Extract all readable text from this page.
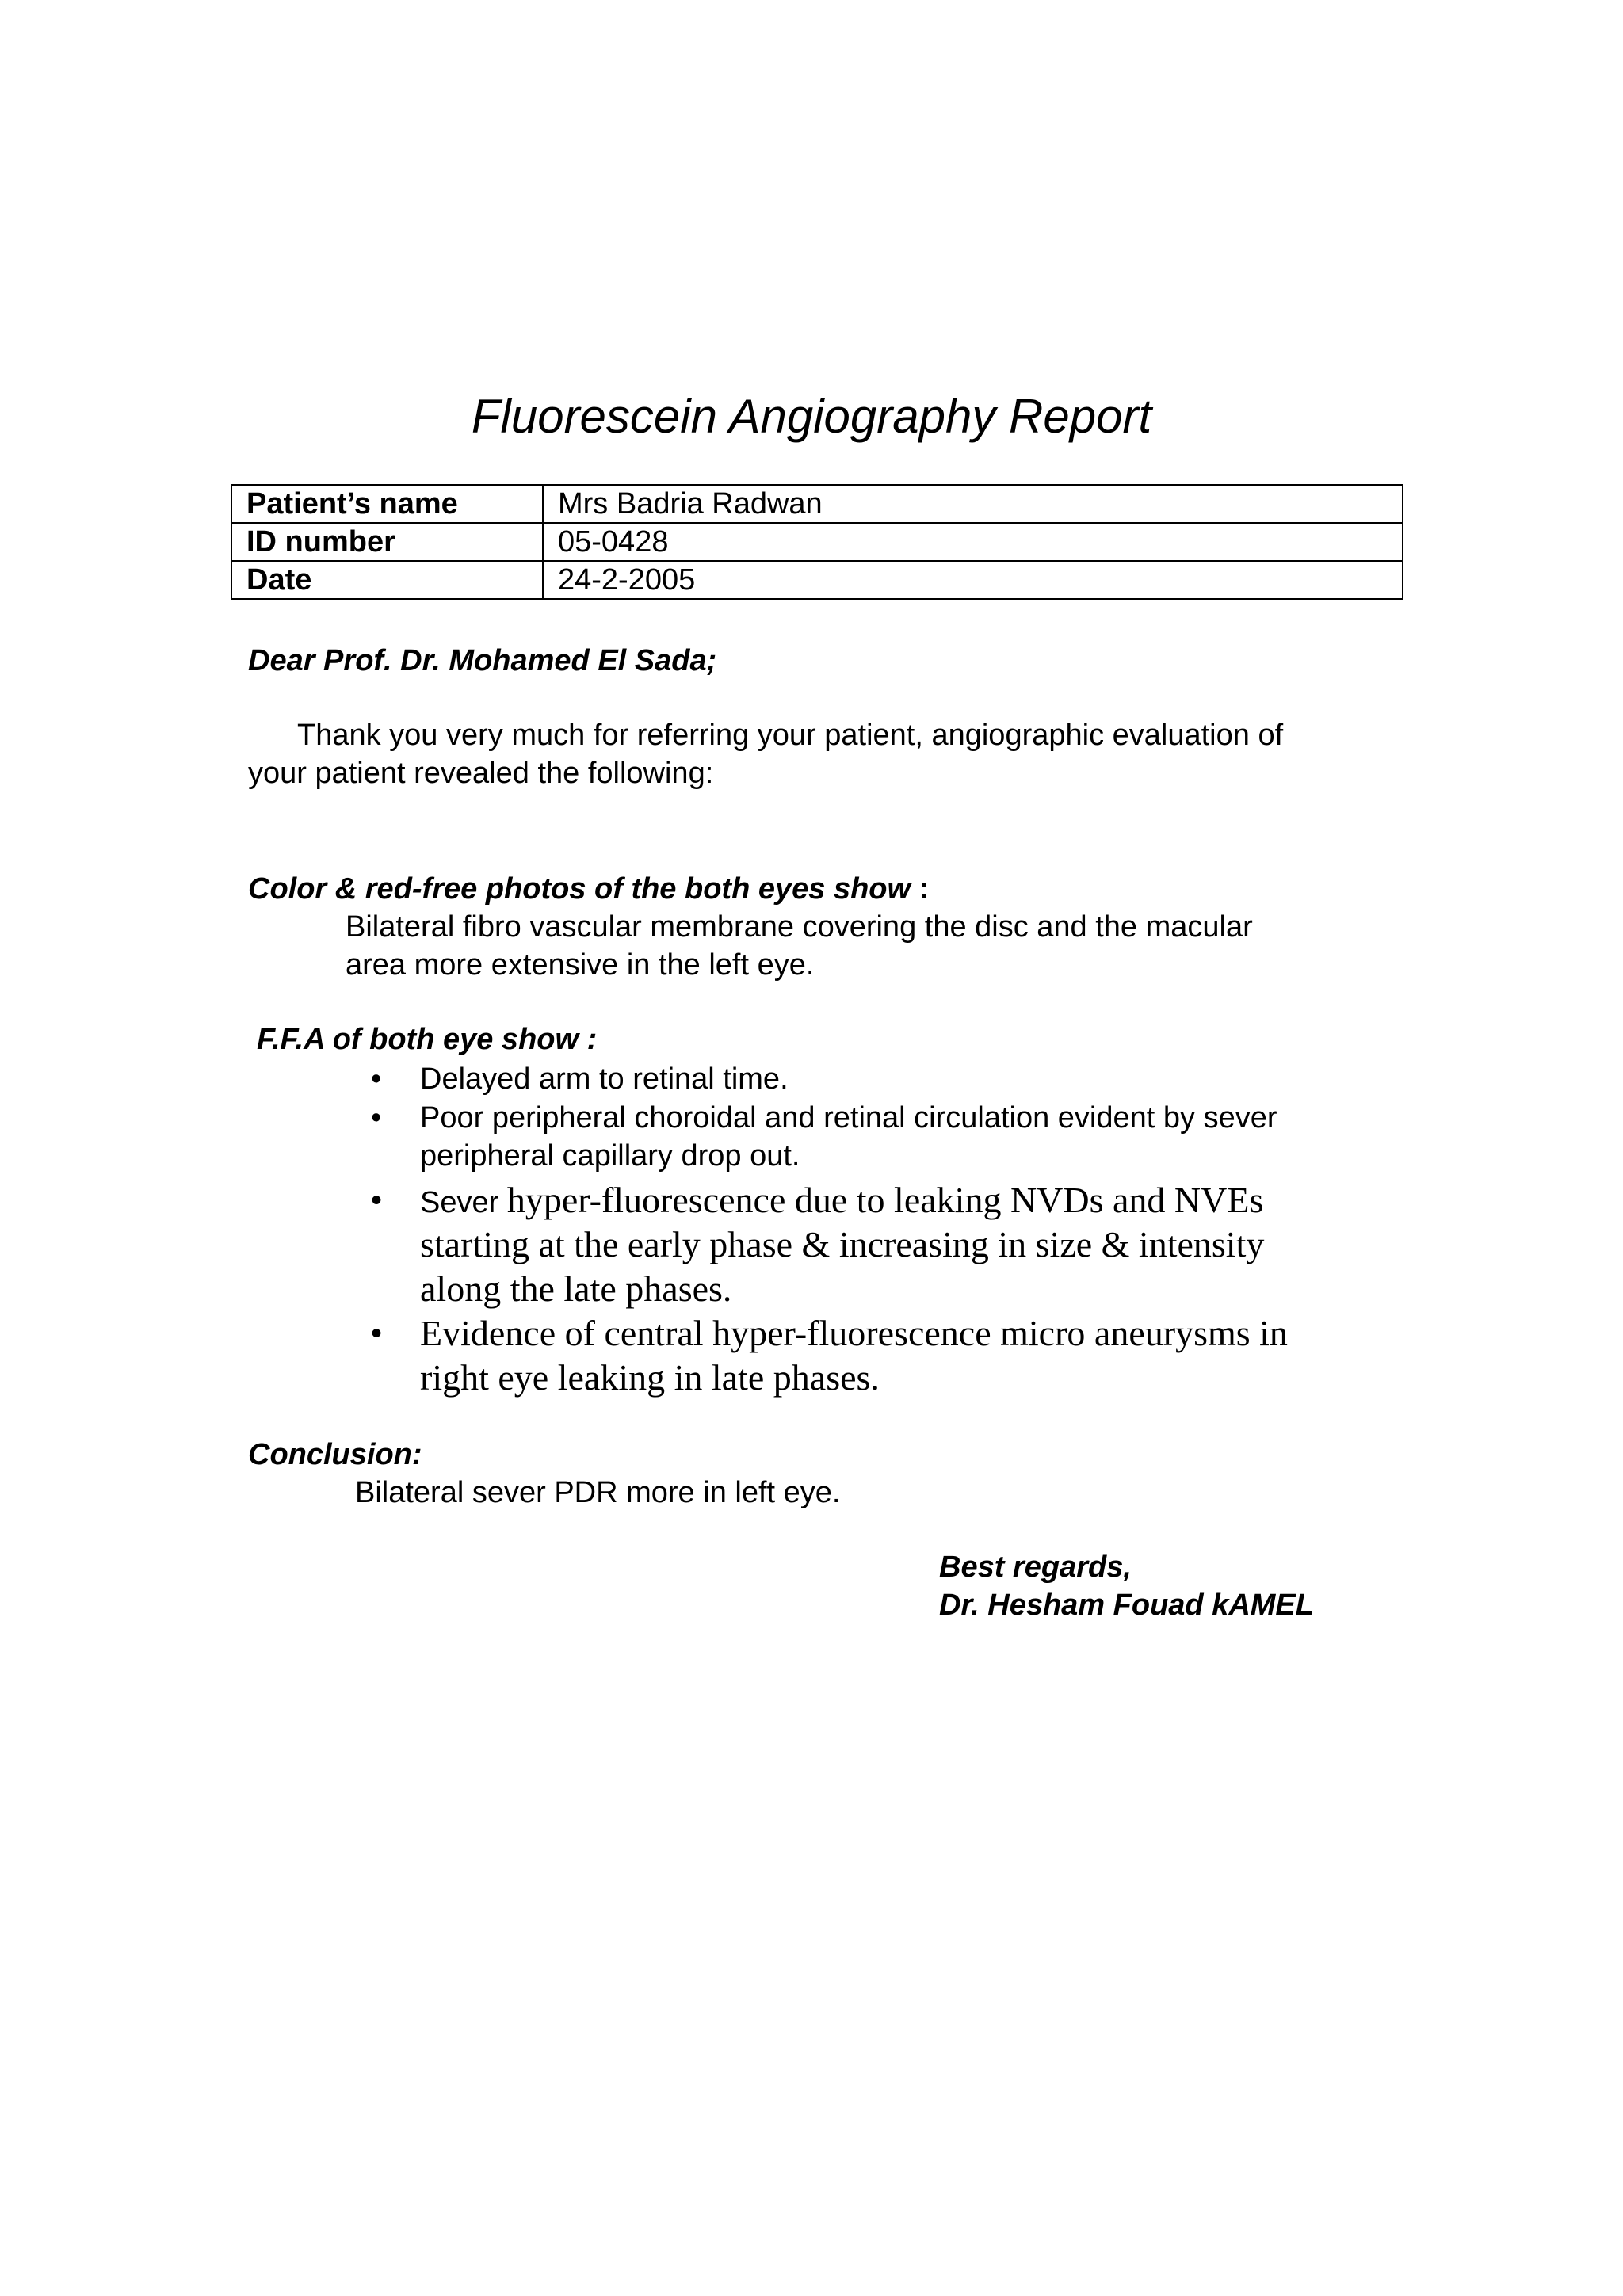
Fluorescein Angiography Report
Patient’s name	Mrs Badria Radwan
ID number	05-0428
Date	24-2-2005
Dear Prof. Dr. Mohamed El Sada;
Thank you very much for referring your patient, angiographic evaluation of
your patient revealed the following:
Color & red-free photos of the both eyes show :
Bilateral fibro vascular membrane covering the disc and the macular
area more extensive in the left eye.
F.F.A of both eye show :
• Delayed arm to retinal time.
• Poor peripheral choroidal and retinal circulation evident by sever
peripheral capillary drop out.
• Sever hyper-fluorescence due to leaking NVDs and NVEs
starting at the early phase & increasing in size & intensity
along the late phases.
• Evidence of central hyper-fluorescence micro aneurysms in
right eye leaking in late phases.
Conclusion:
Bilateral sever PDR more in left eye.
Best regards,
Dr. Hesham Fouad kAMEL
